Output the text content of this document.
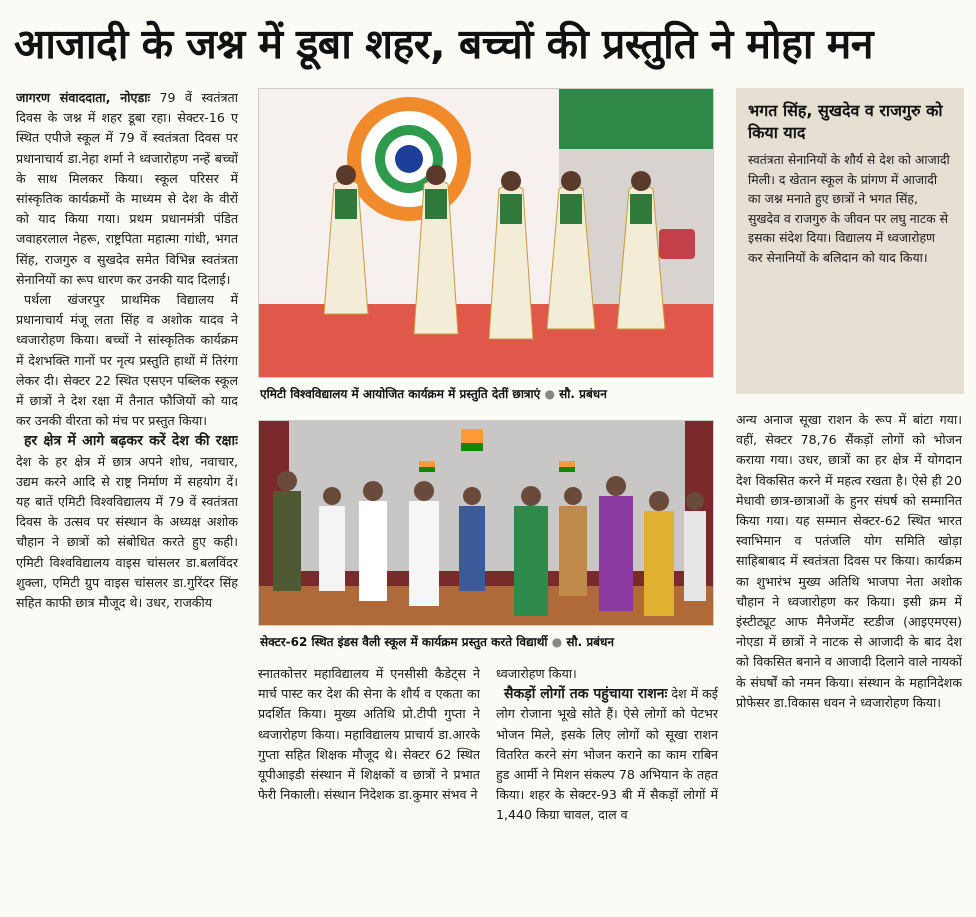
आजादी के जश्न में डूबा शहर, बच्चों की प्रस्तुति ने मोहा मन

जागरण संवाददाता, नोएडाः 79 वें स्वतंत्रता दिवस के जश्न में शहर डूबा रहा। सेक्टर-16 ए स्थित एपीजे स्कूल में 79 वें स्वतंत्रता दिवस पर प्रधानाचार्य डा.नेहा शर्मा ने ध्वजारोहण नन्हें बच्चों के साथ मिलकर किया। स्कूल परिसर में सांस्कृतिक कार्यक्रमों के माध्यम से देश के वीरों को याद किया गया। प्रथम प्रधानमंत्री पंडित जवाहरलाल नेहरू, राष्ट्रपिता महात्मा गांधी, भगत सिंह, राजगुरु व सुखदेव समेत विभिन्न स्वतंत्रता सेनानियों का रूप धारण कर उनकी याद दिलाई।

पर्थला खंजरपुर प्राथमिक विद्यालय में प्रधानाचार्य मंजू लता सिंह व अशोक यादव ने ध्वजारोहण किया। बच्चों ने सांस्कृतिक कार्यक्रम में देशभक्ति गानों पर नृत्य प्रस्तुति हाथों में तिरंगा लेकर दी। सेक्टर 22 स्थित एसएन पब्लिक स्कूल में छात्रों ने देश रक्षा में तैनात फौजियों को याद कर उनकी वीरता को मंच पर प्रस्तुत किया।

हर क्षेत्र में आगे बढ़कर करें देश की रक्षाः देश के हर क्षेत्र में छात्र अपने शोध, नवाचार, उद्यम करने आदि से राष्ट्र निर्माण में सहयोग दें। यह बातें एमिटी विश्वविद्यालय में 79 वें स्वतंत्रता दिवस के उत्सव पर संस्थान के अध्यक्ष अशोक चौहान ने छात्रों को संबोधित करते हुए कही। एमिटी विश्वविद्यालय वाइस चांसलर डा.बलविंदर शुक्ला, एमिटी ग्रुप वाइस चांसलर डा.गुरिंदर सिंह सहित काफी छात्र मौजूद थे। उधर, राजकीय

एमिटी विश्वविद्यालय में आयोजित कार्यक्रम में प्रस्तुति देतीं छात्राएं ● सौ. प्रबंधन
सेक्टर-62 स्थित इंडस वैली स्कूल में कार्यक्रम प्रस्तुत करते विद्यार्थी ● सौ. प्रबंधन

स्नातकोत्तर महाविद्यालय में एनसीसी कैडेट्स ने मार्च पास्ट कर देश की सेना के शौर्य व एकता का प्रदर्शित किया। मुख्य अतिथि प्रो.टीपी गुप्ता ने ध्वजारोहण किया। महाविद्यालय प्राचार्य डा.आरके गुप्ता सहित शिक्षक मौजूद थे। सेक्टर 62 स्थित यूपीआइडी संस्थान में शिक्षकों व छात्रों ने प्रभात फेरी निकाली। संस्थान निदेशक डा.कुमार संभव ने

ध्वजारोहण किया।

सैकड़ों लोगों तक पहुंचाया राशनः देश में कई लोग रोजाना भूखे सोते हैं। ऐसे लोगों को पेटभर भोजन मिले, इसके लिए लोगों को सूखा राशन वितरित करने संग भोजन कराने का काम राबिन हुड आर्मी ने मिशन संकल्प 78 अभियान के तहत किया। शहर के सेक्टर-93 बी में सैकड़ों लोगों में 1,440 किग्रा चावल, दाल व

भगत सिंह, सुखदेव व राजगुरु को किया याद
स्वतंत्रता सेनानियों के शौर्य से देश को आजादी मिली। द खेतान स्कूल के प्रांगण में आजादी का जश्न मनाते हुए छात्रों ने भगत सिंह, सुखदेव व राजगुरु के जीवन पर लघु नाटक से इसका संदेश दिया। विद्यालय में ध्वजारोहण कर सेनानियों के बलिदान को याद किया।

अन्य अनाज सूखा राशन के रूप में बांटा गया। वहीं, सेक्टर 78,76 सैंकड़ों लोगों को भोजन कराया गया। उधर, छात्रों का हर क्षेत्र में योगदान देश विकसित करने में महत्व रखता है। ऐसे ही 20 मेधावी छात्र-छात्राओं के हुनर संघर्ष को सम्मानित किया गया। यह सम्मान सेक्टर-62 स्थित भारत स्वाभिमान व पतंजलि योग समिति खोड़ा साहिबाबाद में स्वतंत्रता दिवस पर किया। कार्यक्रम का शुभारंभ मुख्य अतिथि भाजपा नेता अशोक चौहान ने ध्वजारोहण कर किया। इसी क्रम में इंस्टीट्यूट आफ मैनेजमेंट स्टडीज (आइएमएस) नोएडा में छात्रों ने नाटक से आजादी के बाद देश को विकसित बनाने व आजादी दिलाने वाले नायकों के संघर्षों को नमन किया। संस्थान के महानिदेशक प्रोफेसर डा.विकास धवन ने ध्वजारोहण किया।
